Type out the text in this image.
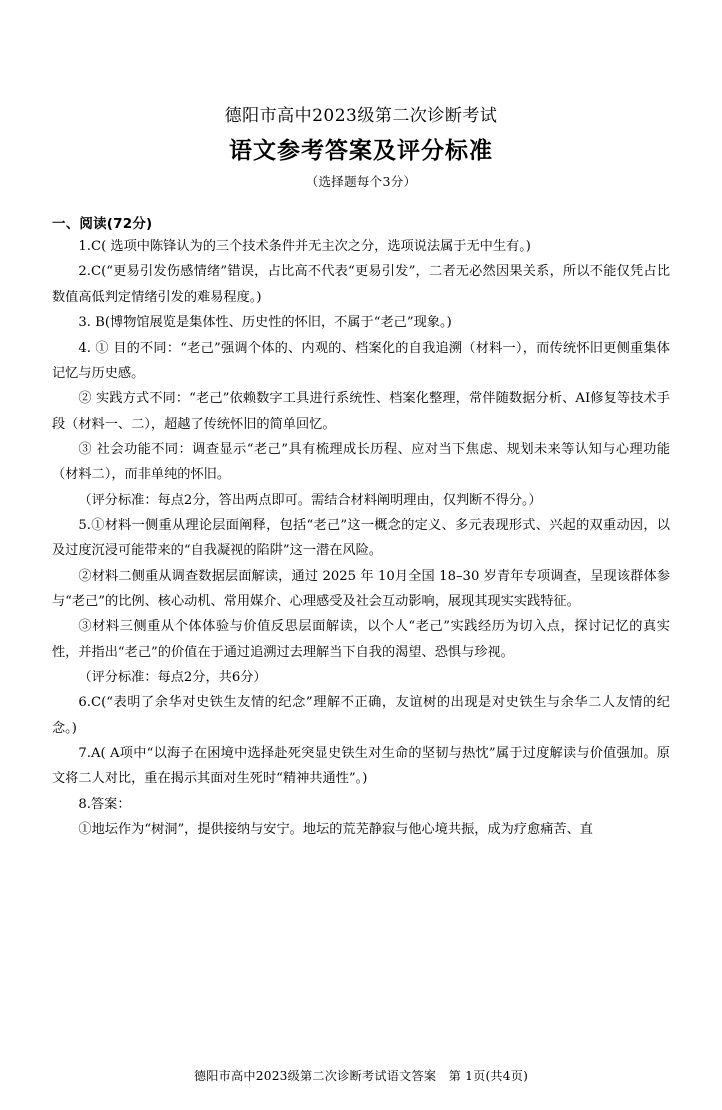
德阳市高中2023级第二次诊断考试
语文参考答案及评分标准
（选择题每个3分）
一、阅读(72分)

1.C( 选项中陈锋认为的三个技术条件并无主次之分，选项说法属于无中生有。)

2.C(“更易引发伤感情绪”错误，占比高不代表“更易引发”，二者无必然因果关系，所以不能仅凭占比数值高低判定情绪引发的难易程度。)

3. B(博物馆展览是集体性、历史性的怀旧，不属于“老己”现象。)

4. ① 目的不同：“老己”强调个体的、内观的、档案化的自我追溯（材料一），而传统怀旧更侧重集体记忆与历史感。

② 实践方式不同：“老己”依赖数字工具进行系统性、档案化整理，常伴随数据分析、AI修复等技术手段（材料一、二），超越了传统怀旧的简单回忆。

③ 社会功能不同：调查显示“老己”具有梳理成长历程、应对当下焦虑、规划未来等认知与心理功能（材料二），而非单纯的怀旧。

（评分标准：每点2分，答出两点即可。需结合材料阐明理由，仅判断不得分。）

5.①材料一侧重从理论层面阐释，包括“老己”这一概念的定义、多元表现形式、兴起的双重动因，以及过度沉浸可能带来的“自我凝视的陷阱”这一潜在风险。

②材料二侧重从调查数据层面解读，通过 2025 年 10月全国 18–30 岁青年专项调查，呈现该群体参与“老己”的比例、核心动机、常用媒介、心理感受及社会互动影响，展现其现实实践特征。

③材料三侧重从个体体验与价值反思层面解读，以个人“老己”实践经历为切入点，探讨记忆的真实性，并指出“老己”的价值在于通过追溯过去理解当下自我的渴望、恐惧与珍视。

（评分标准：每点2分，共6分）

6.C(“表明了余华对史铁生友情的纪念”理解不正确，友谊树的出现是对史铁生与余华二人友情的纪念。)

7.A( A项中“以海子在困境中选择赴死突显史铁生对生命的坚韧与热忱”属于过度解读与价值强加。原文将二人对比，重在揭示其面对生死时“精神共通性”。)

8.答案：

①地坛作为“树洞”，提供接纳与安宁。地坛的荒芜静寂与他心境共振，成为疗愈痛苦、直

德阳市高中2023级第二次诊断考试语文答案　第 1页(共4页)
